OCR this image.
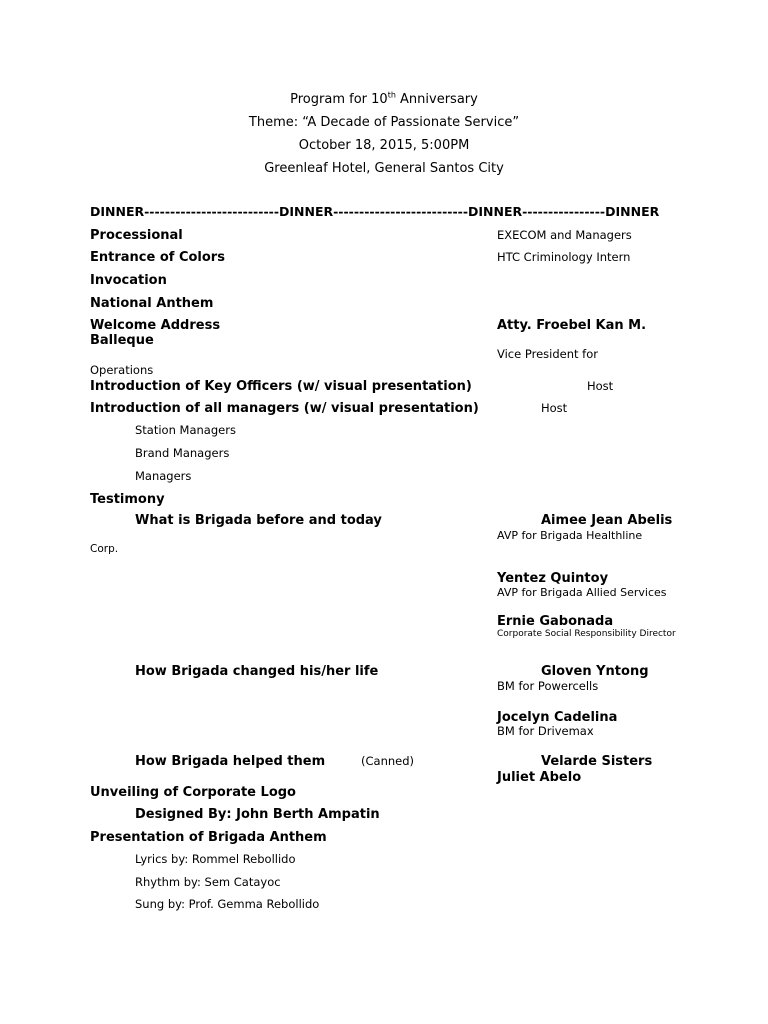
Program for 10th Anniversary
Theme: “A Decade of Passionate Service”
October 18, 2015, 5:00PM
Greenleaf Hotel, General Santos City
DINNER--------------------------DINNER--------------------------DINNER----------------DINNER
Processional	EXECOM and Managers
Entrance of Colors	HTC Criminology Intern
Invocation
National Anthem
Welcome Address	Atty. Froebel Kan M.
Balleque
Vice President for
Operations
Introduction of Key Officers (w/ visual presentation)	Host
Introduction of all managers (w/ visual presentation)	Host
Station Managers
Brand Managers
Managers
Testimony
What is Brigada before and today	Aimee Jean Abelis
AVP for Brigada Healthline
Corp.
Yentez Quintoy
AVP for Brigada Allied Services
Ernie Gabonada
Corporate Social Responsibility Director
How Brigada changed his/her life	Gloven Yntong
BM for Powercells
Jocelyn Cadelina
BM for Drivemax
How Brigada helped them	(Canned)	Velarde Sisters
Juliet Abelo
Unveiling of Corporate Logo
Designed By: John Berth Ampatin
Presentation of Brigada Anthem
Lyrics by: Rommel Rebollido
Rhythm by: Sem Catayoc
Sung by: Prof. Gemma Rebollido
